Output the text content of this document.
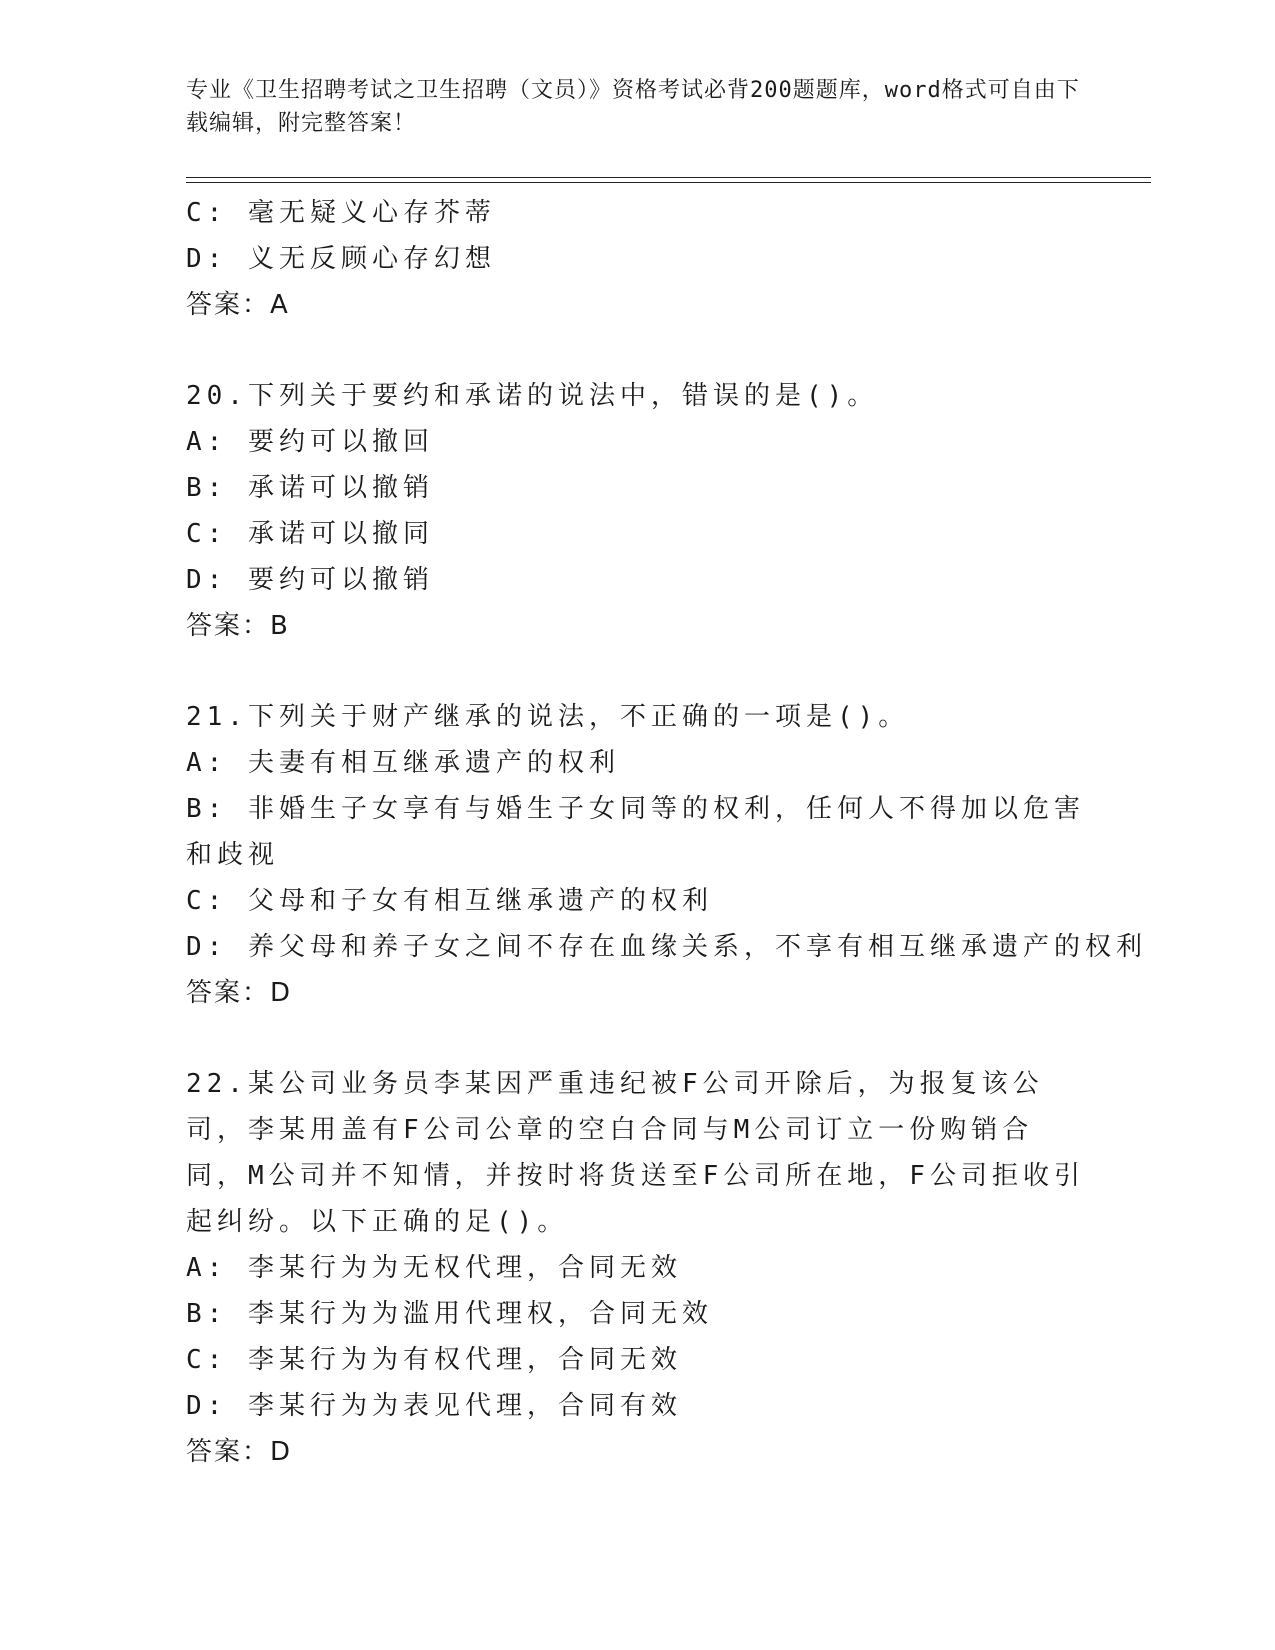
专业《卫生招聘考试之卫生招聘（文员）》资格考试必背200题题库，word格式可自由下载编辑，附完整答案！
C: 毫无疑义心存芥蒂
D: 义无反顾心存幻想
答案：A
20.下列关于要约和承诺的说法中，错误的是()。
A: 要约可以撤回
B: 承诺可以撤销
C: 承诺可以撤同
D: 要约可以撤销
答案：B
21.下列关于财产继承的说法，不正确的一项是()。
A: 夫妻有相互继承遗产的权利
B: 非婚生子女享有与婚生子女同等的权利，任何人不得加以危害和歧视
C: 父母和子女有相互继承遗产的权利
D: 养父母和养子女之间不存在血缘关系，不享有相互继承遗产的权利
答案：D
22.某公司业务员李某因严重违纪被F公司开除后，为报复该公司，李某用盖有F公司公章的空白合同与M公司订立一份购销合同，M公司并不知情，并按时将货送至F公司所在地，F公司拒收引起纠纷。以下正确的足()。
A: 李某行为为无权代理，合同无效
B: 李某行为为滥用代理权，合同无效
C: 李某行为为有权代理，合同无效
D: 李某行为为表见代理，合同有效
答案：D
